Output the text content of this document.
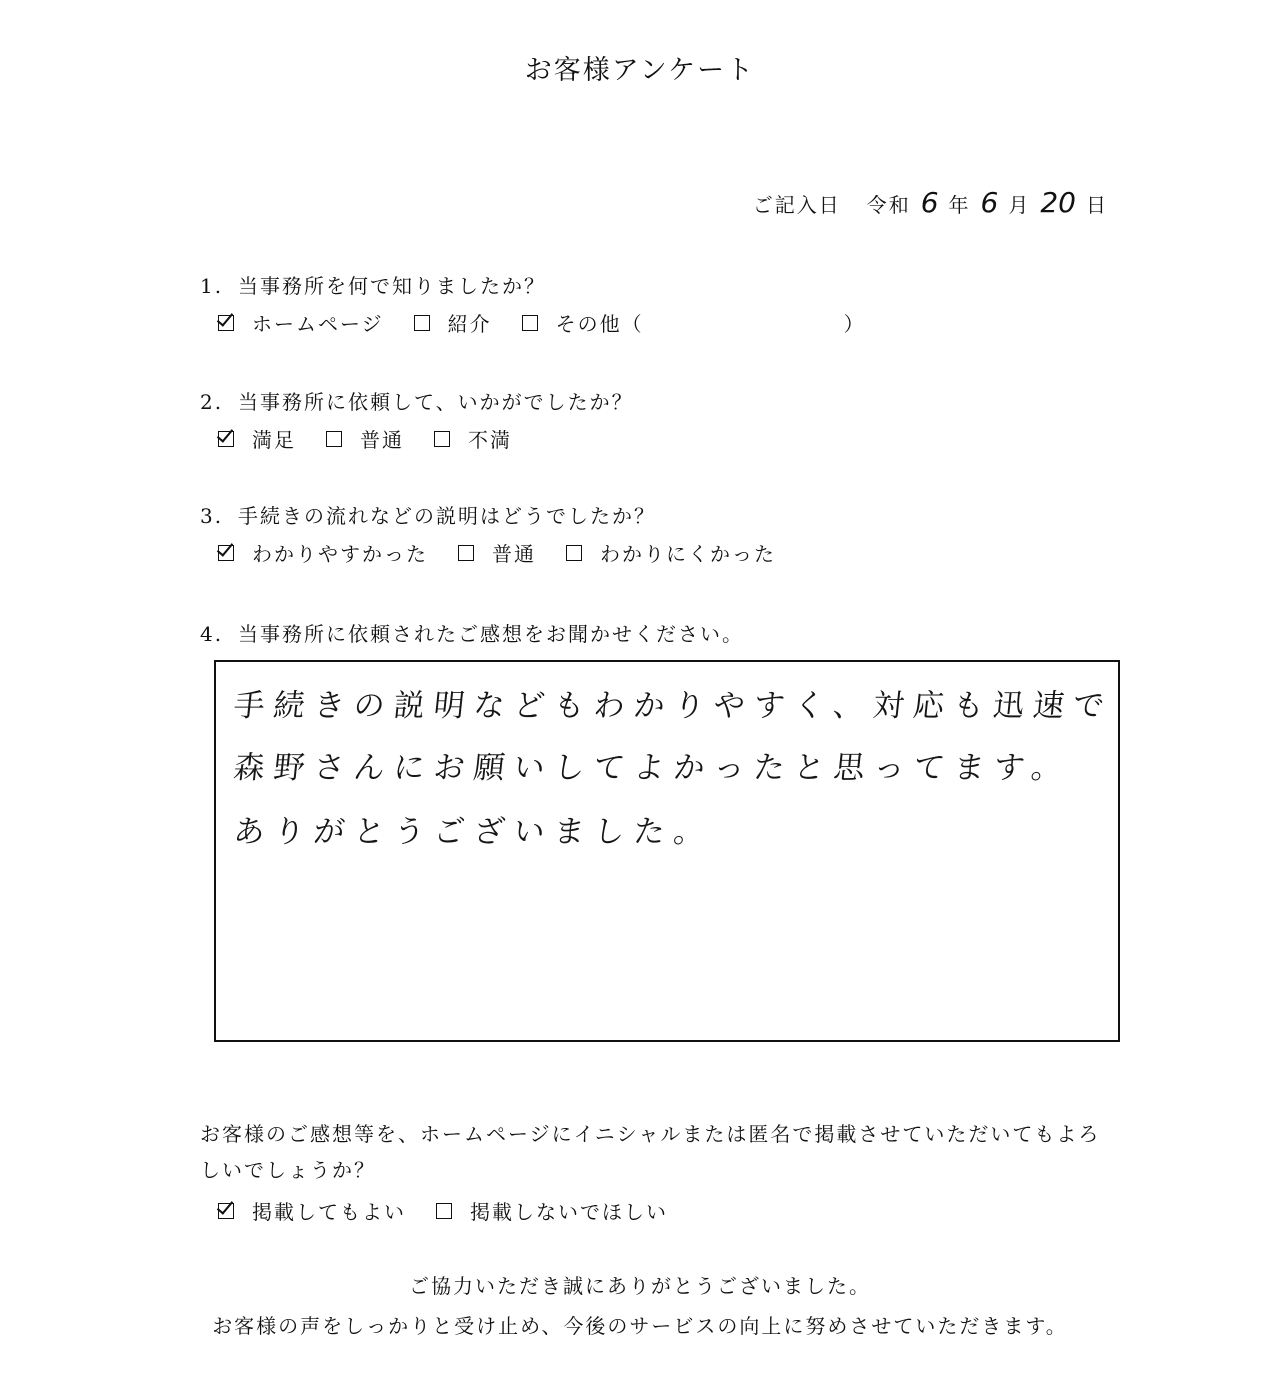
お客様アンケート
ご記入日 令和 6 年 6 月 20 日
1. 当事務所を何で知りましたか？
ホームページ	紹介	その他（	）
2. 当事務所に依頼して、いかがでしたか？
満足	普通	不満
3. 手続きの流れなどの説明はどうでしたか？
わかりやすかった	普通	わかりにくかった
4. 当事務所に依頼されたご感想をお聞かせください。
手続きの説明などもわかりやすく、対応も迅速で
森野さんにお願いしてよかったと思ってます。
ありがとうございました。
お客様のご感想等を、ホームページにイニシャルまたは匿名で掲載させていただいてもよろしいでしょうか？
掲載してもよい	掲載しないでほしい
ご協力いただき誠にありがとうございました。
お客様の声をしっかりと受け止め、今後のサービスの向上に努めさせていただきます。
